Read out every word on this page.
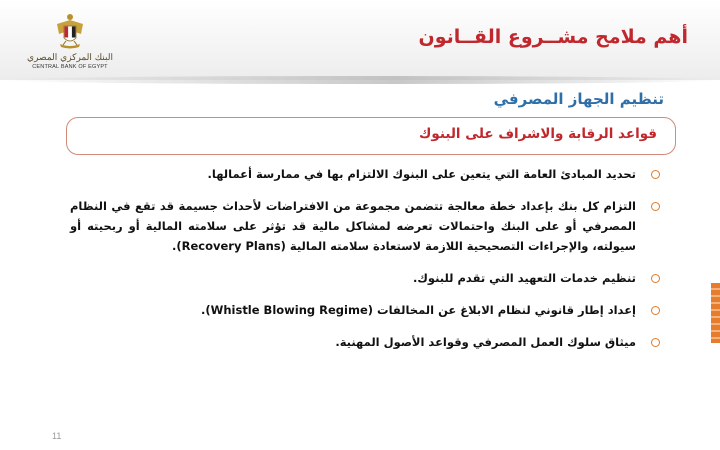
البنك المركزي المصري
CENTRAL BANK OF EGYPT
أهم ملامح مشــروع القــانون
تنظيم الجهاز المصرفي
قواعد الرقابة والاشراف على البنوك
تحديد المبادئ العامة التي يتعين على البنوك الالتزام بها في ممارسة أعمالها.
التزام كل بنك بإعداد خطة معالجة تتضمن مجموعة من الافتراضات لأحداث جسيمة قد تقع في النظام المصرفي أو على البنك واحتمالات تعرضه لمشاكل مالية قد تؤثر على سلامته المالية أو ربحيته أو سيولته، والإجراءات التصحيحية اللازمة لاستعادة سلامته المالية (Recovery Plans).
تنظيم خدمات التعهيد التي تقدم للبنوك.
إعداد إطار قانوني لنظام الابلاغ عن المخالفات (Whistle Blowing Regime).
ميثاق سلوك العمل المصرفي وقواعد الأصول المهنية.
11
